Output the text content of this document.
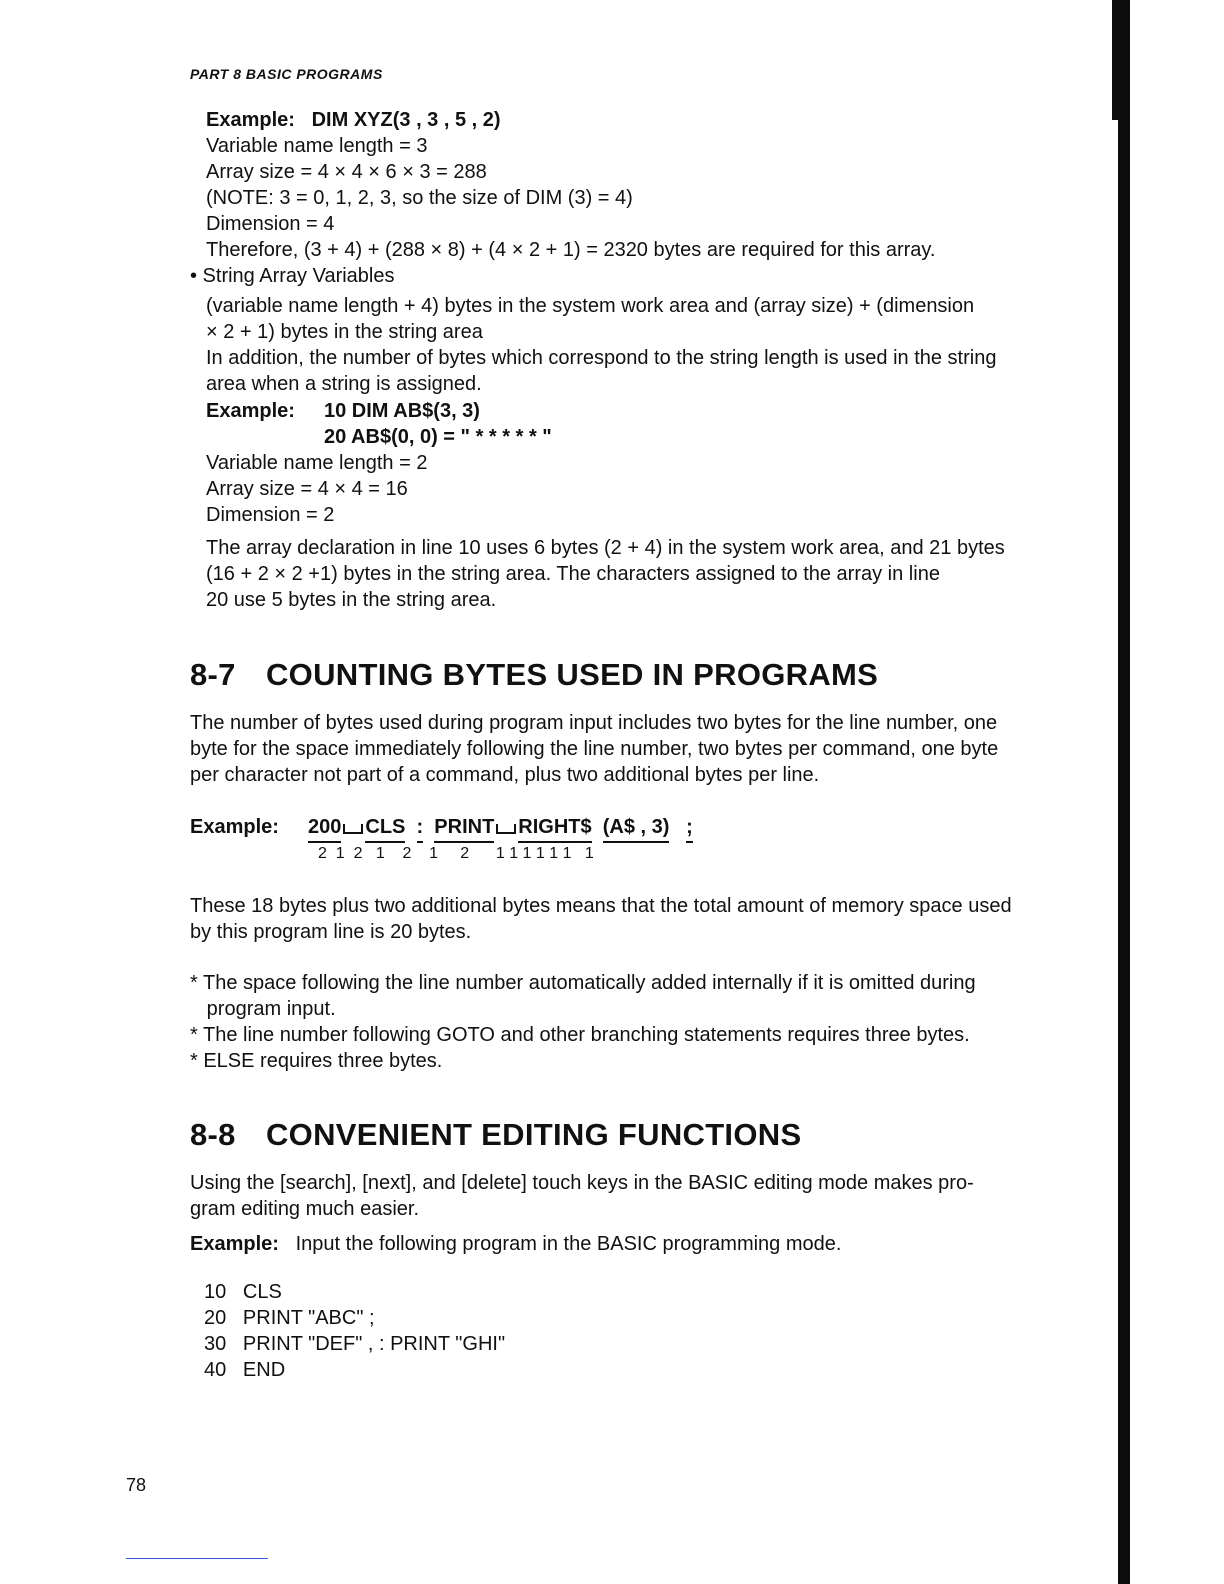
PART 8 BASIC PROGRAMS
Example: DIM XYZ(3 , 3 , 5 , 2)
Variable name length = 3
Array size = 4 × 4 × 6 × 3 = 288
(NOTE: 3 = 0, 1, 2, 3, so the size of DIM (3) = 4)
Dimension = 4
Therefore, (3 + 4) + (288 × 8) + (4 × 2 + 1) = 2320 bytes are required for this array.
• String Array Variables
(variable name length + 4) bytes in the system work area and (array size) + (dimension
× 2 + 1) bytes in the string area
In addition, the number of bytes which correspond to the string length is used in the string
area when a string is assigned.
Example: 10 DIM AB$(3, 3)
20 AB$(0, 0) = " * * * * * "
Variable name length = 2
Array size = 4 × 4 = 16
Dimension = 2
The array declaration in line 10 uses 6 bytes (2 + 4) in the system work area, and 21 bytes
(16 + 2 × 2 +1) bytes in the string area. The characters assigned to the array in line
20 use 5 bytes in the string area.
8-7 COUNTING BYTES USED IN PROGRAMS
The number of bytes used during program input includes two bytes for the line number, one
byte for the space immediately following the line number, two bytes per command, one byte
per character not part of a command, plus two additional bytes per line.
Example: 200 CLS : PRINT RIGHT$ (A$ , 3) ;
2  1  2   1    2    1     2      1 1 1 1 1 1   1
These 18 bytes plus two additional bytes means that the total amount of memory space used
by this program line is 20 bytes.
* The space following the line number automatically added internally if it is omitted during
program input.
* The line number following GOTO and other branching statements requires three bytes.
* ELSE requires three bytes.
8-8 CONVENIENT EDITING FUNCTIONS
Using the [search], [next], and [delete] touch keys in the BASIC editing mode makes pro-
gram editing much easier.
Example: Input the following program in the BASIC programming mode.
10   CLS
20   PRINT "ABC" ;
30   PRINT "DEF" , : PRINT "GHI"
40   END
78
